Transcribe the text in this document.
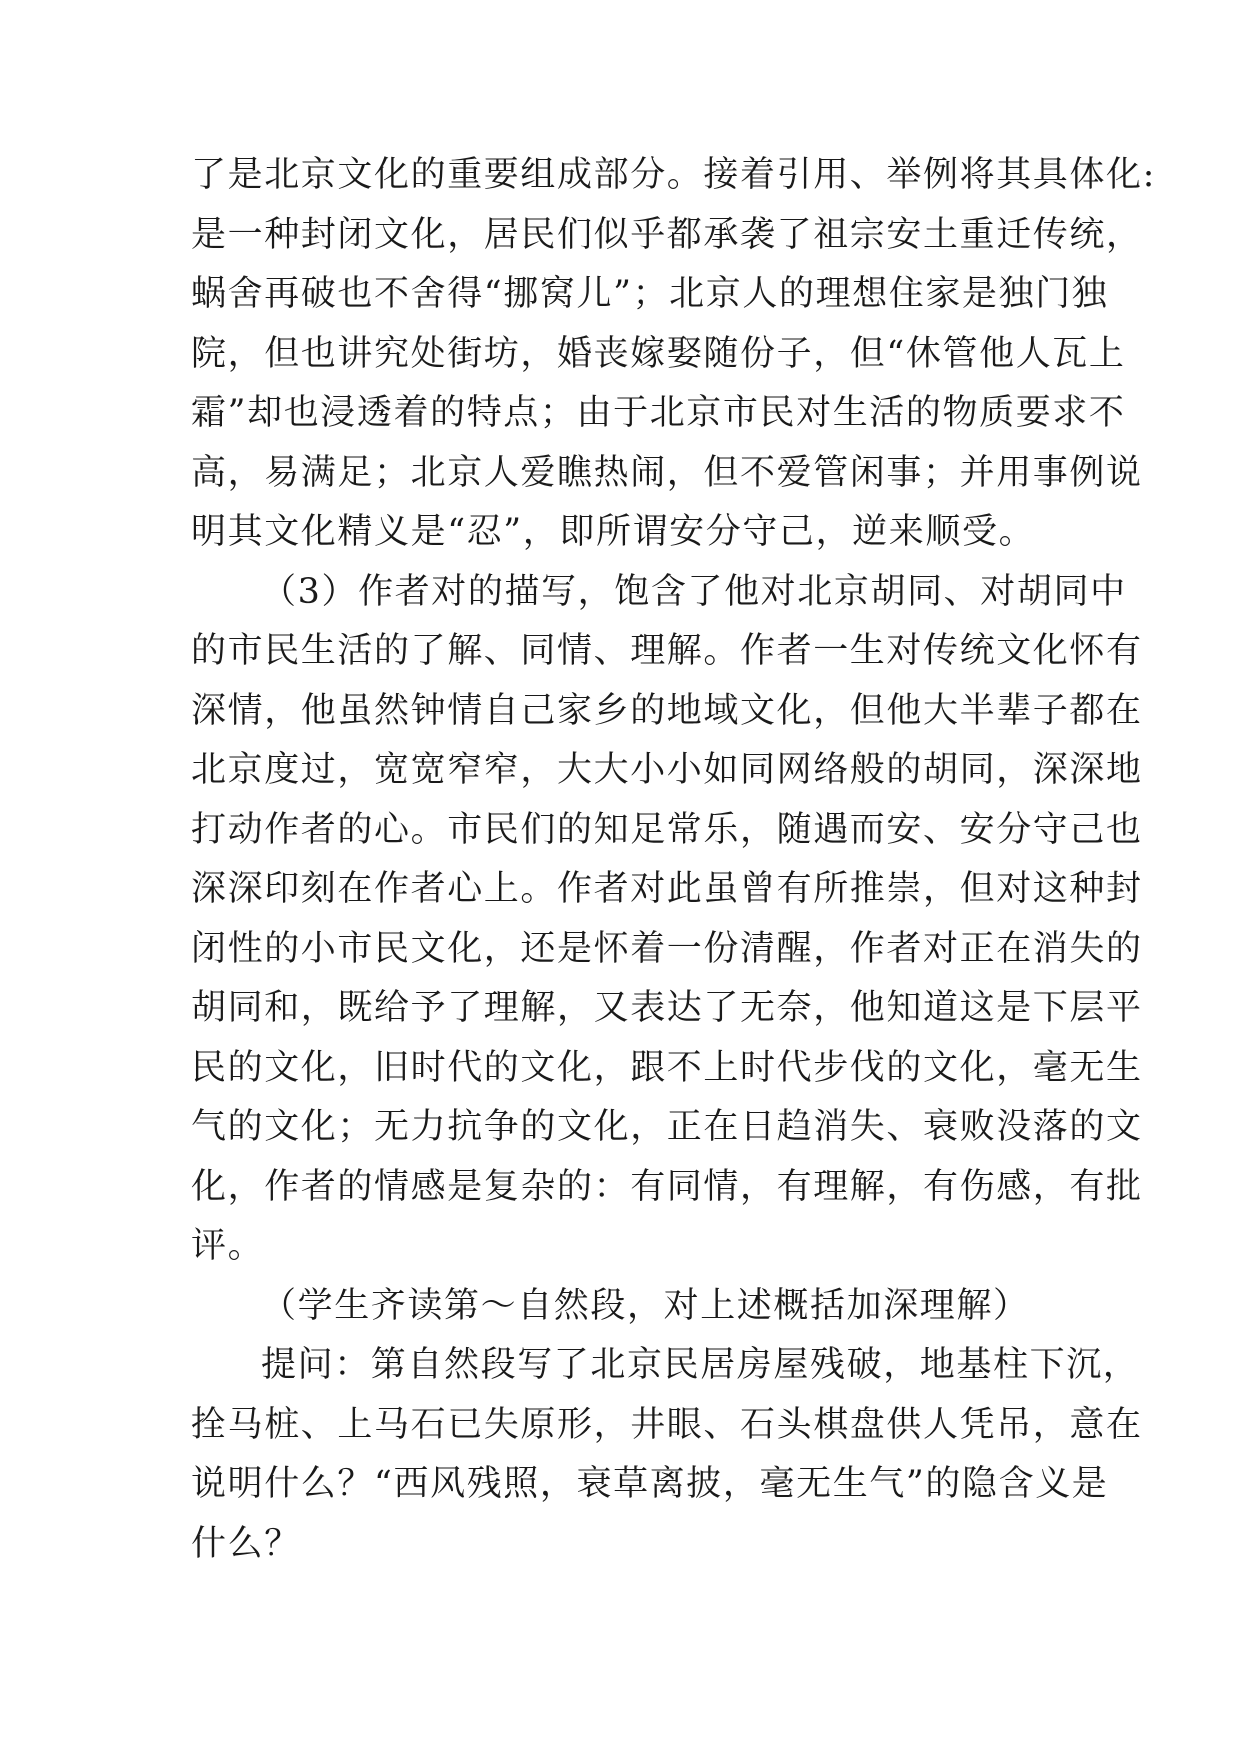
了是北京文化的重要组成部分。接着引用、举例将其具体化:
是一种封闭文化，居民们似乎都承袭了祖宗安土重迁传统，
蜗舍再破也不舍得“挪窝儿”；北京人的理想住家是独门独
院，但也讲究处街坊，婚丧嫁娶随份子，但“休管他人瓦上
霜”却也浸透着的特点；由于北京市民对生活的物质要求不
高，易满足；北京人爱瞧热闹，但不爱管闲事；并用事例说
明其文化精义是“忍”，即所谓安分守己，逆来顺受。
（3）作者对的描写，饱含了他对北京胡同、对胡同中
的市民生活的了解、同情、理解。作者一生对传统文化怀有
深情，他虽然钟情自己家乡的地域文化，但他大半辈子都在
北京度过，宽宽窄窄，大大小小如同网络般的胡同，深深地
打动作者的心。市民们的知足常乐，随遇而安、安分守己也
深深印刻在作者心上。作者对此虽曾有所推崇，但对这种封
闭性的小市民文化，还是怀着一份清醒，作者对正在消失的
胡同和，既给予了理解，又表达了无奈，他知道这是下层平
民的文化，旧时代的文化，跟不上时代步伐的文化，毫无生
气的文化；无力抗争的文化，正在日趋消失、衰败没落的文
化，作者的情感是复杂的：有同情，有理解，有伤感，有批
评。
（学生齐读第～自然段，对上述概括加深理解）
提问：第自然段写了北京民居房屋残破，地基柱下沉，
拴马桩、上马石已失原形，井眼、石头棋盘供人凭吊，意在
说明什么？“西风残照，衰草离披，毫无生气”的隐含义是
什么？
